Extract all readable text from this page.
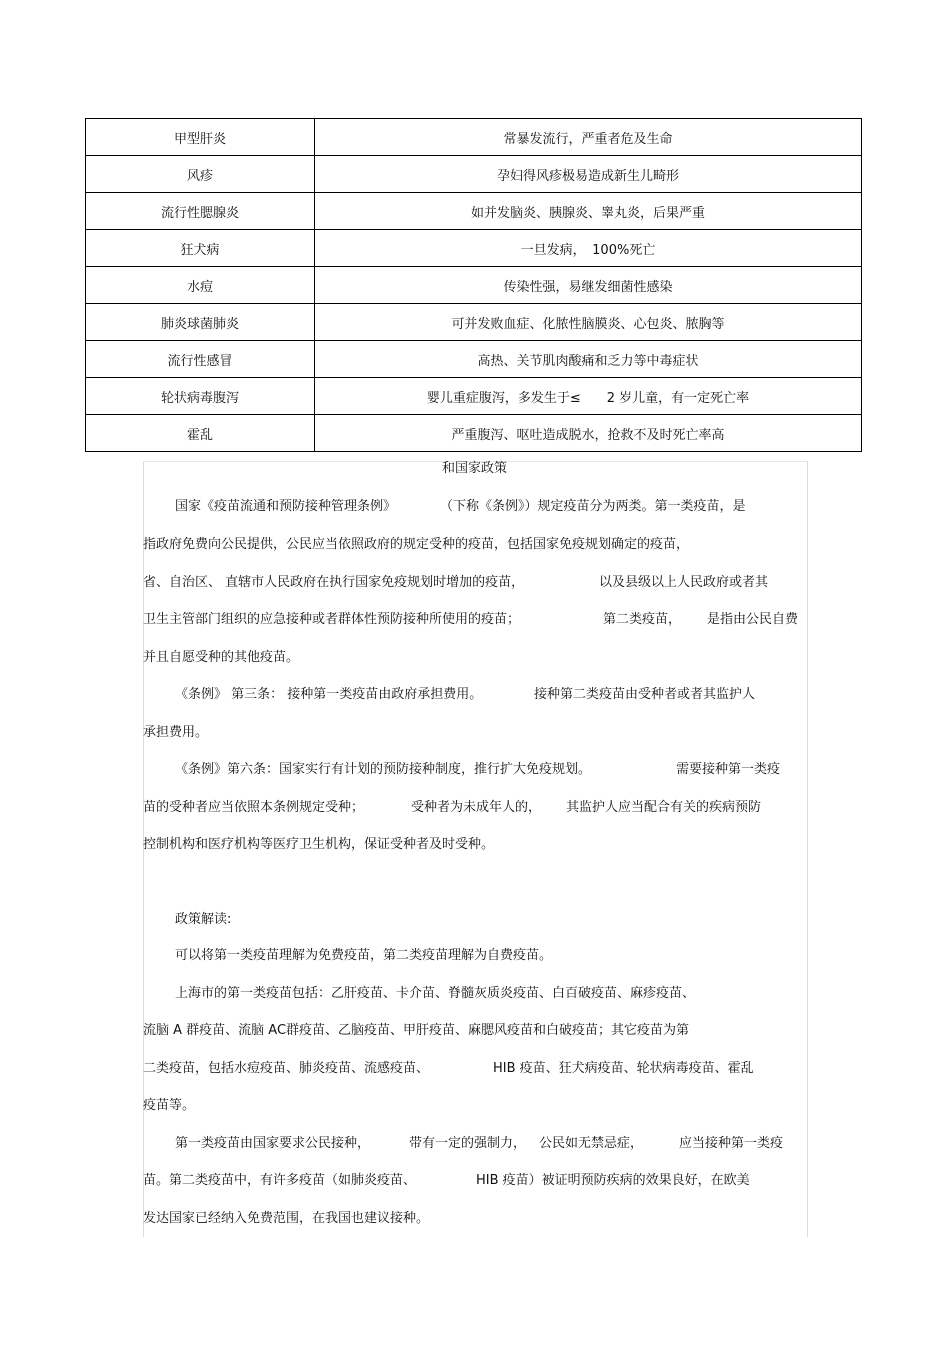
甲型肝炎	常暴发流行，严重者危及生命
风疹	孕妇得风疹极易造成新生儿畸形
流行性腮腺炎	如并发脑炎、胰腺炎、睾丸炎，后果严重
狂犬病	一旦发病，　100%死亡
水痘	传染性强，易继发细菌性感染
肺炎球菌肺炎	可并发败血症、化脓性脑膜炎、心包炎、脓胸等
流行性感冒	高热、关节肌肉酸痛和乏力等中毒症状
轮状病毒腹泻	婴儿重症腹泻，多发生于≤　　2 岁儿童，有一定死亡率
霍乱	严重腹泻、呕吐造成脱水，抢救不及时死亡率高
和国家政策
国家《疫苗流通和预防接种管理条例》	（下称《条例》）规定疫苗分为两类。第一类疫苗，是
指政府免费向公民提供，公民应当依照政府的规定受种的疫苗，包括国家免疫规划确定的疫苗，
省、自治区、 直辖市人民政府在执行国家免疫规划时增加的疫苗，	以及县级以上人民政府或者其
卫生主管部门组织的应急接种或者群体性预防接种所使用的疫苗；	第二类疫苗， 是指由公民自费
并且自愿受种的其他疫苗。
《条例》 第三条： 接种第一类疫苗由政府承担费用。	接种第二类疫苗由受种者或者其监护人
承担费用。
《条例》第六条：国家实行有计划的预防接种制度，推行扩大免疫规划。	需要接种第一类疫
苗的受种者应当依照本条例规定受种；	受种者为未成年人的， 其监护人应当配合有关的疾病预防
控制机构和医疗机构等医疗卫生机构，保证受种者及时受种。
政策解读:
可以将第一类疫苗理解为免费疫苗，第二类疫苗理解为自费疫苗。
上海市的第一类疫苗包括：乙肝疫苗、卡介苗、脊髓灰质炎疫苗、白百破疫苗、麻疹疫苗、
流脑 A 群疫苗、流脑 AC群疫苗、乙脑疫苗、甲肝疫苗、麻腮风疫苗和白破疫苗；其它疫苗为第
二类疫苗，包括水痘疫苗、肺炎疫苗、流感疫苗、	HIB 疫苗、狂犬病疫苗、轮状病毒疫苗、霍乱
疫苗等。
第一类疫苗由国家要求公民接种，	带有一定的强制力， 公民如无禁忌症，	应当接种第一类疫
苗。第二类疫苗中，有许多疫苗（如肺炎疫苗、	HIB 疫苗）被证明预防疾病的效果良好，在欧美
发达国家已经纳入免费范围，在我国也建议接种。
